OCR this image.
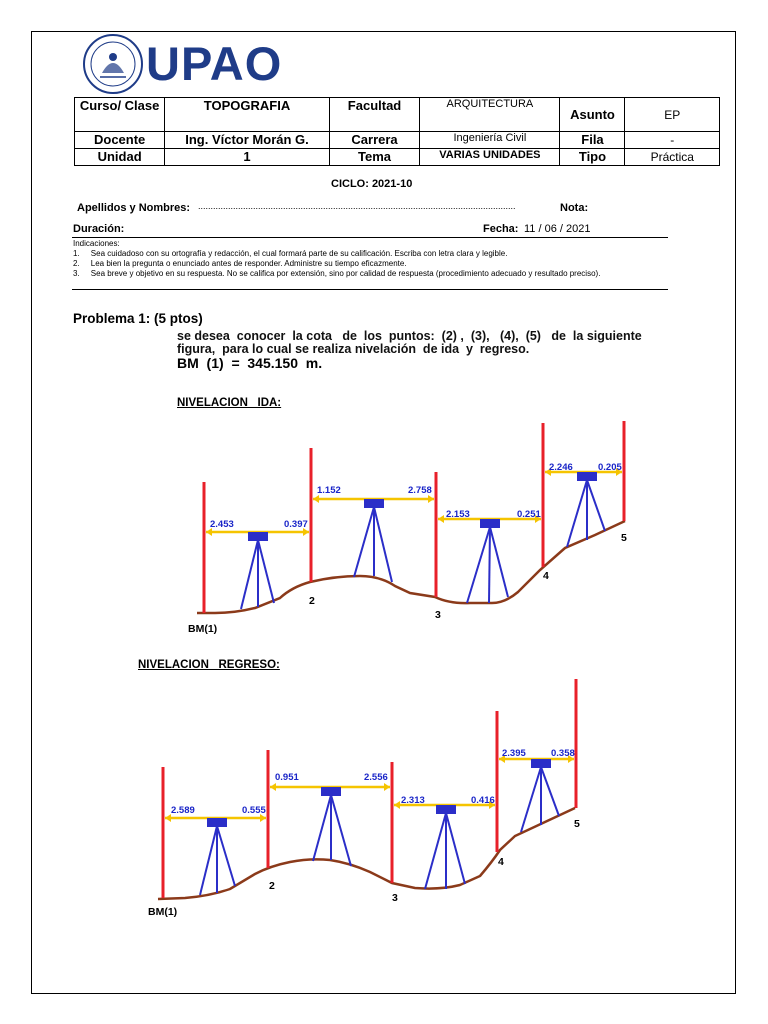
UPAO
Curso/ Clase	TOPOGRAFIA	Facultad	ARQUITECTURA	Asunto	EP
Docente	Ing. Víctor Morán G.	Carrera	Ingeniería Civil	Fila	-
Unidad	1	Tema	VARIAS UNIDADES	Tipo	Práctica
CICLO: 2021-10
Apellidos y Nombres: ...............................................................................................................................	Nota:
Duración:	Fecha: 11 / 06 / 2021
Indicaciones:
1.     Sea cuidadoso con su ortografía y redacción, el cual formará parte de su calificación. Escriba con letra clara y legible.
2.     Lea bien la pregunta o enunciado antes de responder. Administre su tiempo eficazmente.
3.     Sea breve y objetivo en su respuesta. No se califica por extensión, sino por calidad de respuesta (procedimiento adecuado y resultado preciso).
Problema 1: (5 ptos)
se desea  conocer  la cota   de  los  puntos:  (2) ,  (3),   (4),  (5)   de  la siguiente
figura,  para lo cual se realiza nivelación  de ida  y  regreso.
BM  (1)  =  345.150  m.
NIVELACION   IDA:
NIVELACION   REGRESO:
2.453	0.397
1.152	2.758
2.153	0.251
2.246	0.205
BM(1)
2
3
4
5
2.589	0.555
0.951	2.556
2.313	0.416
2.395	0.358
BM(1)
2
3
4
5
